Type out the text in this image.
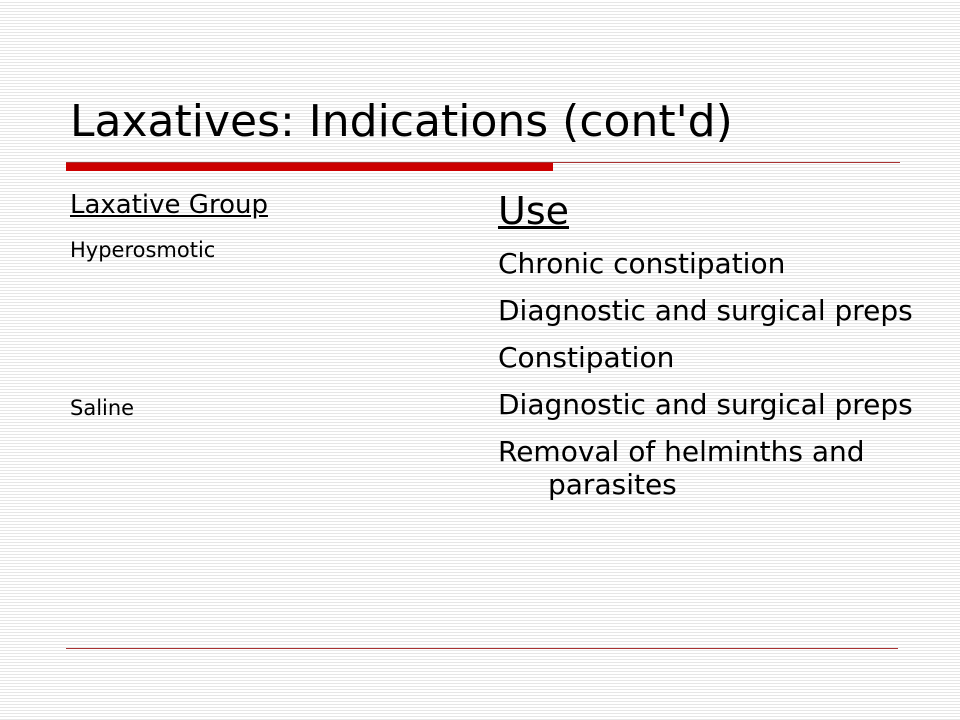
Laxatives: Indications (cont'd)

Laxative Group

Hyperosmotic

Saline

Use

Chronic constipation
Diagnostic and surgical preps
Constipation
Diagnostic and surgical preps
Removal of helminths and parasites
